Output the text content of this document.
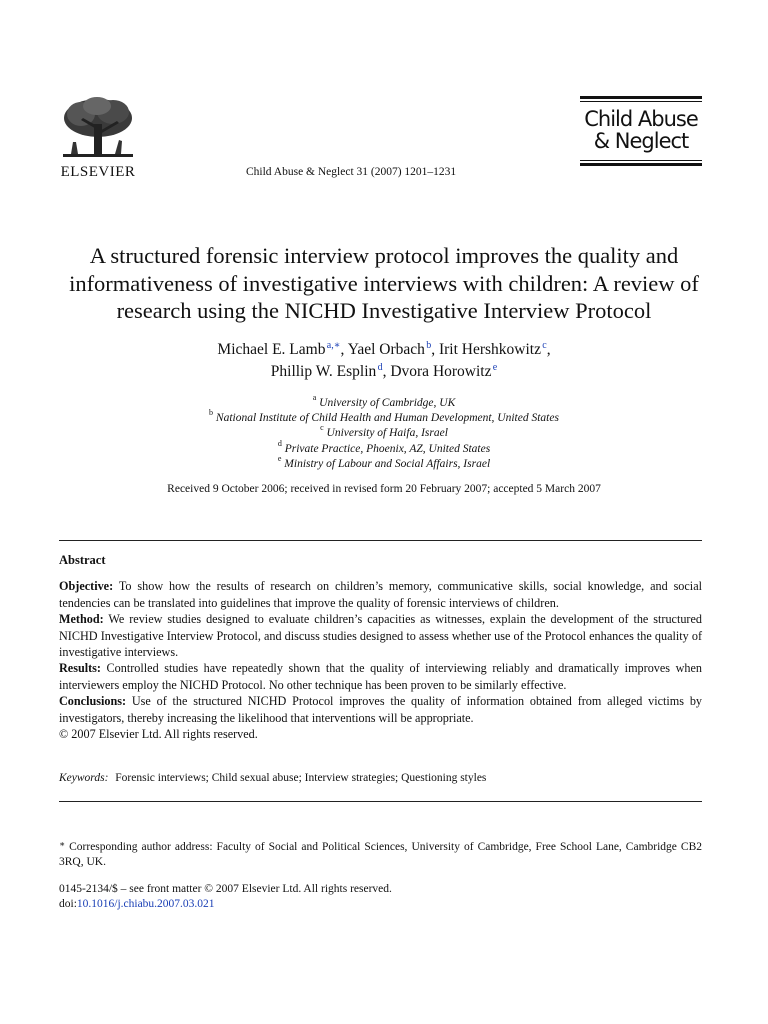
ELSEVIER	Child Abuse & Neglect 31 (2007) 1201–1231
Child Abuse
& Neglect
A structured forensic interview protocol improves the quality and informativeness of investigative interviews with children: A review of research using the NICHD Investigative Interview Protocol
Michael E. Lamb $^{a,∗}$, Yael Orbach $^b$, Irit Hershkowitz $^c$,
Phillip W. Esplin $^d$, Dvora Horowitz $^e$
$^a$ University of Cambridge, UK
$^b$ National Institute of Child Health and Human Development, United States
$^c$ University of Haifa, Israel
$^d$ Private Practice, Phoenix, AZ, United States
$^e$ Ministry of Labour and Social Affairs, Israel
Received 9 October 2006; received in revised form 20 February 2007; accepted 5 March 2007
Abstract

Objective: To show how the results of research on children’s memory, communicative skills, social knowledge, and social tendencies can be translated into guidelines that improve the quality of forensic interviews of children.

Method: We review studies designed to evaluate children’s capacities as witnesses, explain the development of the structured NICHD Investigative Interview Protocol, and discuss studies designed to assess whether use of the Protocol enhances the quality of investigative interviews.

Results: Controlled studies have repeatedly shown that the quality of interviewing reliably and dramatically improves when interviewers employ the NICHD Protocol. No other technique has been proven to be similarly effective.

Conclusions: Use of the structured NICHD Protocol improves the quality of information obtained from alleged victims by investigators, thereby increasing the likelihood that interventions will be appropriate.

© 2007 Elsevier Ltd. All rights reserved.

Keywords: Forensic interviews; Child sexual abuse; Interview strategies; Questioning styles
∗ Corresponding author address: Faculty of Social and Political Sciences, University of Cambridge, Free School Lane, Cambridge CB2 3RQ, UK.
0145-2134/$ – see front matter © 2007 Elsevier Ltd. All rights reserved.
doi:10.1016/j.chiabu.2007.03.021
